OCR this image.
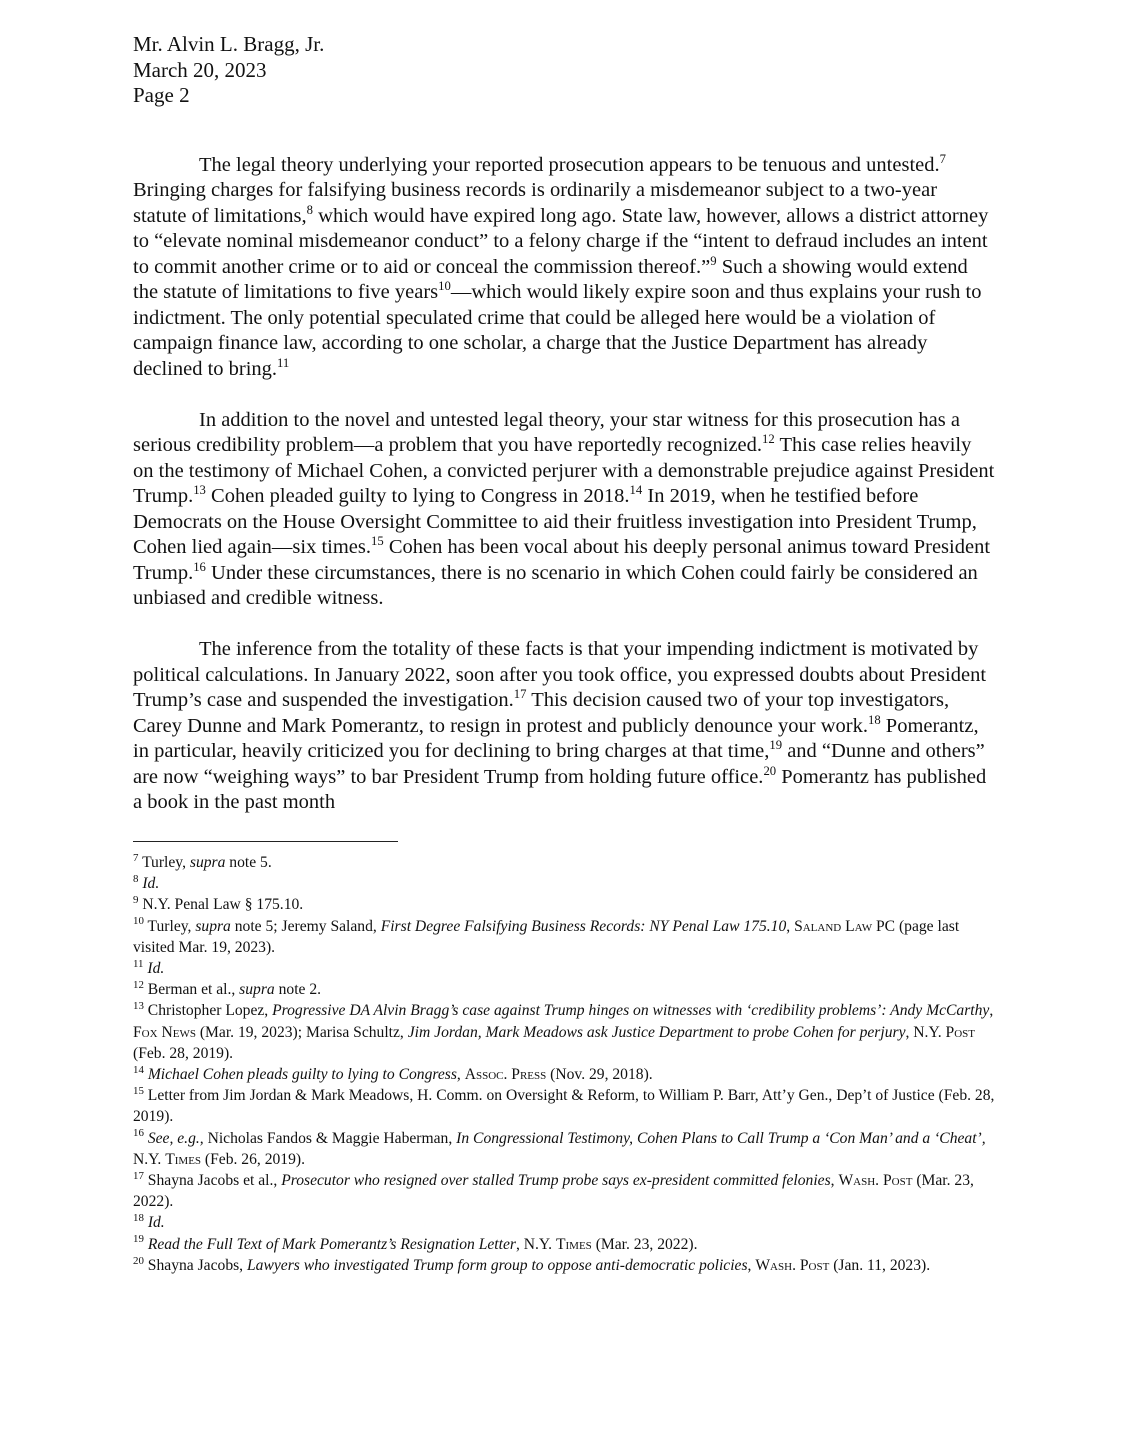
Mr. Alvin L. Bragg, Jr.
March 20, 2023
Page 2

The legal theory underlying your reported prosecution appears to be tenuous and untested.$^7$ Bringing charges for falsifying business records is ordinarily a misdemeanor subject to a two-year statute of limitations,$^8$ which would have expired long ago. State law, however, allows a district attorney to “elevate nominal misdemeanor conduct” to a felony charge if the “intent to defraud includes an intent to commit another crime or to aid or conceal the commission thereof.”$^9$ Such a showing would extend the statute of limitations to five years$^{10}$—which would likely expire soon and thus explains your rush to indictment. The only potential speculated crime that could be alleged here would be a violation of campaign finance law, according to one scholar, a charge that the Justice Department has already declined to bring.$^{11}$

In addition to the novel and untested legal theory, your star witness for this prosecution has a serious credibility problem—a problem that you have reportedly recognized.$^{12}$ This case relies heavily on the testimony of Michael Cohen, a convicted perjurer with a demonstrable prejudice against President Trump.$^{13}$ Cohen pleaded guilty to lying to Congress in 2018.14 In 2019, when he testified before Democrats on the House Oversight Committee to aid their fruitless investigation into President Trump, Cohen lied again—six times.$^{15}$ Cohen has been vocal about his deeply personal animus toward President Trump.$^{16}$ Under these circumstances, there is no scenario in which Cohen could fairly be considered an unbiased and credible witness.

The inference from the totality of these facts is that your impending indictment is motivated by political calculations. In January 2022, soon after you took office, you expressed doubts about President Trump’s case and suspended the investigation.$^{17}$ This decision caused two of your top investigators, Carey Dunne and Mark Pomerantz, to resign in protest and publicly denounce your work.$^{18}$ Pomerantz, in particular, heavily criticized you for declining to bring charges at that time,$^{19}$ and “Dunne and others” are now “weighing ways” to bar President Trump from holding future office.$^{20}$ Pomerantz has published a book in the past month

$^7$ Turley, supra note 5.
$^8$ Id.
$^9$ N.Y. Penal Law § 175.10.
$^{10}$ Turley, supra note 5; Jeremy Saland, First Degree Falsifying Business Records: NY Penal Law 175.10, Saland Law PC (page last visited Mar. 19, 2023).
$^{11}$ Id.
$^{12}$ Berman et al., supra note 2.
$^{13}$ Christopher Lopez, Progressive DA Alvin Bragg’s case against Trump hinges on witnesses with ‘credibility problems’: Andy McCarthy, Fox News (Mar. 19, 2023); Marisa Schultz, Jim Jordan, Mark Meadows ask Justice Department to probe Cohen for perjury, N.Y. Post (Feb. 28, 2019).
$^{14}$ Michael Cohen pleads guilty to lying to Congress, Assoc. Press (Nov. 29, 2018).
$^{15}$ Letter from Jim Jordan & Mark Meadows, H. Comm. on Oversight & Reform, to William P. Barr, Att’y Gen., Dep’t of Justice (Feb. 28, 2019).
$^{16}$ See, e.g., Nicholas Fandos & Maggie Haberman, In Congressional Testimony, Cohen Plans to Call Trump a ‘Con Man’ and a ‘Cheat’, N.Y. Times (Feb. 26, 2019).
$^{17}$ Shayna Jacobs et al., Prosecutor who resigned over stalled Trump probe says ex-president committed felonies, Wash. Post (Mar. 23, 2022).
$^{18}$ Id.
$^{19}$ Read the Full Text of Mark Pomerantz’s Resignation Letter, N.Y. Times (Mar. 23, 2022).
$^{20}$ Shayna Jacobs, Lawyers who investigated Trump form group to oppose anti-democratic policies, Wash. Post (Jan. 11, 2023).
